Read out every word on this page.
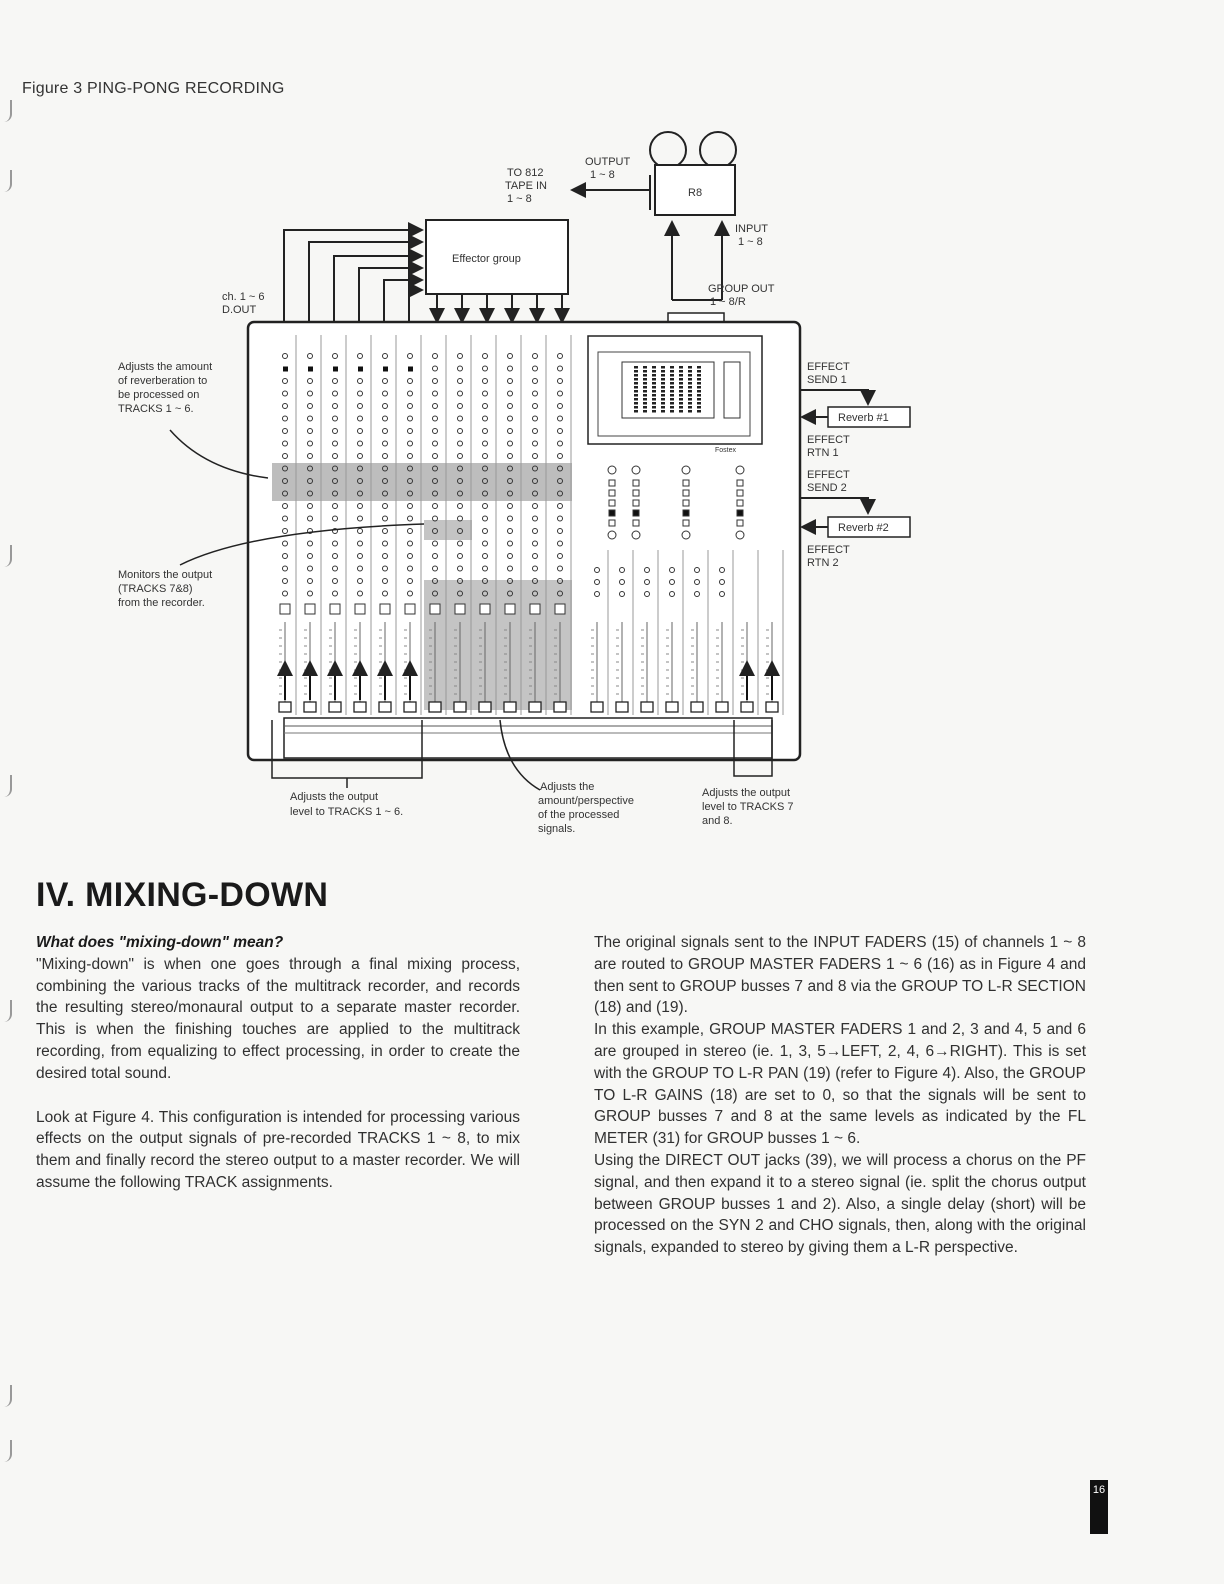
Figure 3 PING-PONG RECORDING
R8
OUTPUT
1 ~ 8
TO 812
TAPE IN
1 ~ 8
INPUT
1 ~ 8
GROUP OUT
1 ~ 8/R
Effector group
ch. 1 ~ 6
D.OUT
Fostex
EFFECT
SEND 1
Reverb #1
EFFECT
RTN 1
EFFECT
SEND 2
Reverb #2
EFFECT
RTN 2
Adjusts the amount
of reverberation to
be processed on
TRACKS 1 ~ 6.
Monitors the output
(TRACKS 7&8)
from the recorder.
Adjusts the output
level to TRACKS 1 ~ 6.
Adjusts the
amount/perspective
of the processed
signals.
Adjusts the output
level to TRACKS 7
and 8.
IV. MIXING-DOWN

What does "mixing-down" mean?

"Mixing-down" is when one goes through a final mixing process, combining the various tracks of the multitrack recorder, and records the resulting stereo/monaural output to a separate master recorder. This is when the finishing touches are applied to the multitrack recording, from equalizing to effect processing, in order to create the desired total sound.

Look at Figure 4. This configuration is intended for processing various effects on the output signals of pre-recorded TRACKS 1 ~ 8, to mix them and finally record the stereo output to a master recorder. We will assume the following TRACK assignments.

The original signals sent to the INPUT FADERS (15) of channels 1 ~ 8 are routed to GROUP MASTER FADERS 1 ~ 6 (16) as in Figure 4 and then sent to GROUP busses 7 and 8 via the GROUP TO L-R SECTION (18) and (19).

In this example, GROUP MASTER FADERS 1 and 2, 3 and 4, 5 and 6 are grouped in stereo (ie. 1, 3, 5→LEFT, 2, 4, 6→RIGHT). This is set with the GROUP TO L-R PAN (19) (refer to Figure 4). Also, the GROUP TO L-R GAINS (18) are set to 0, so that the signals will be sent to GROUP busses 7 and 8 at the same levels as indicated by the FL METER (31) for GROUP busses 1 ~ 6.

Using the DIRECT OUT jacks (39), we will process a chorus on the PF signal, and then expand it to a stereo signal (ie. split the chorus output between GROUP busses 1 and 2). Also, a single delay (short) will be processed on the SYN 2 and CHO signals, then, along with the original signals, expanded to stereo by giving them a L-R perspective.

16
